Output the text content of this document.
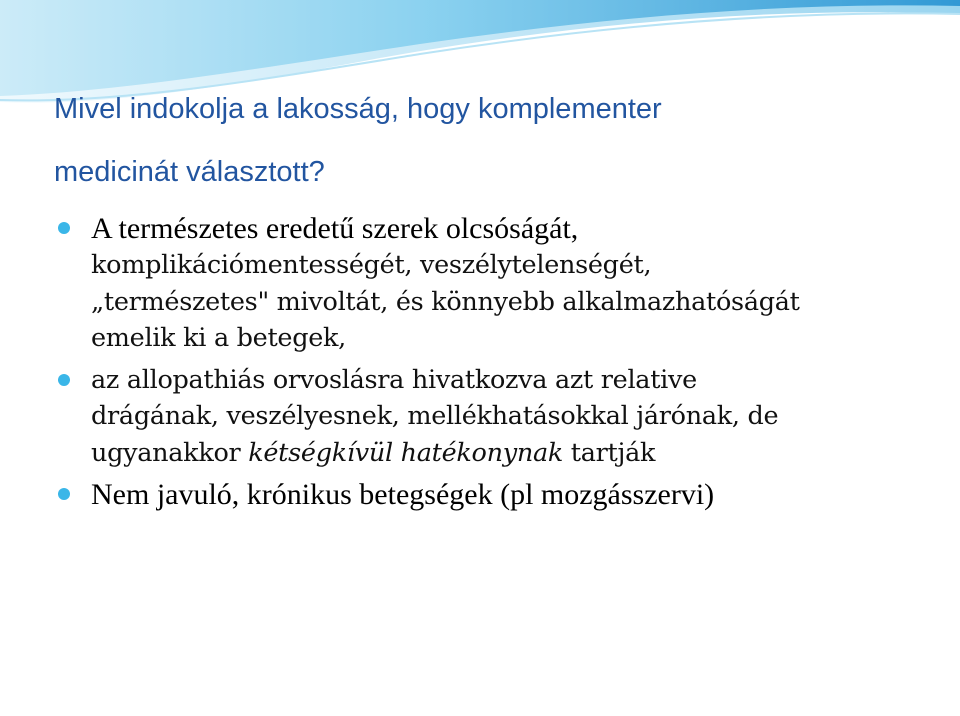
Mivel indokolja a lakosság, hogy komplementer
medicinát választott?
A természetes eredetű szerek olcsóságát,
komplikációmentességét, veszélytelenségét,
„természetes" mivoltát, és könnyebb alkalmazhatóságát
emelik ki a betegek,
az allopathiás orvoslásra hivatkozva azt relative
drágának, veszélyesnek, mellékhatásokkal járónak, de
ugyanakkor kétségkívül hatékonynak tartják
Nem javuló, krónikus betegségek (pl mozgásszervi)
